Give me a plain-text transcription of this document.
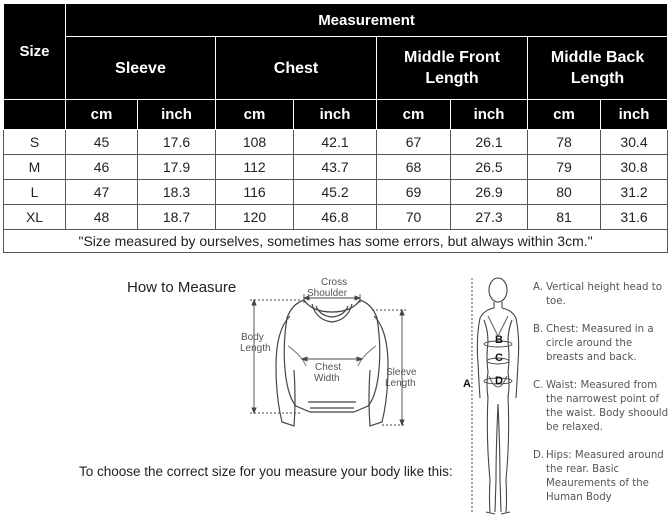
Size	Measurement							
	Sleeve		Chest		Middle Front Length		Middle Back Length	
	cm	inch	cm	inch	cm	inch	cm	inch
S	45	17.6	108	42.1	67	26.1	78	30.4
M	46	17.9	112	43.7	68	26.5	79	30.8
L	47	18.3	116	45.2	69	26.9	80	31.2
XL	48	18.7	120	46.8	70	27.3	81	31.6
"Size measured by ourselves, sometimes has some errors, but always within 3cm."								
How to Measure	Cross
Shoulder
Body
Length
Chest
Width
Sleeve
Length
To choose the correct size for you measure your body like this:
A
B
C
D
A. Vertical height head to toe.
B. Chest: Measured in a circle around the breasts and back.
C. Waist: Measured from the narrowest point of the waist. Body shoould be relaxed.
D. Hips: Measured around the rear. Basic Meaurements of the Human Body
